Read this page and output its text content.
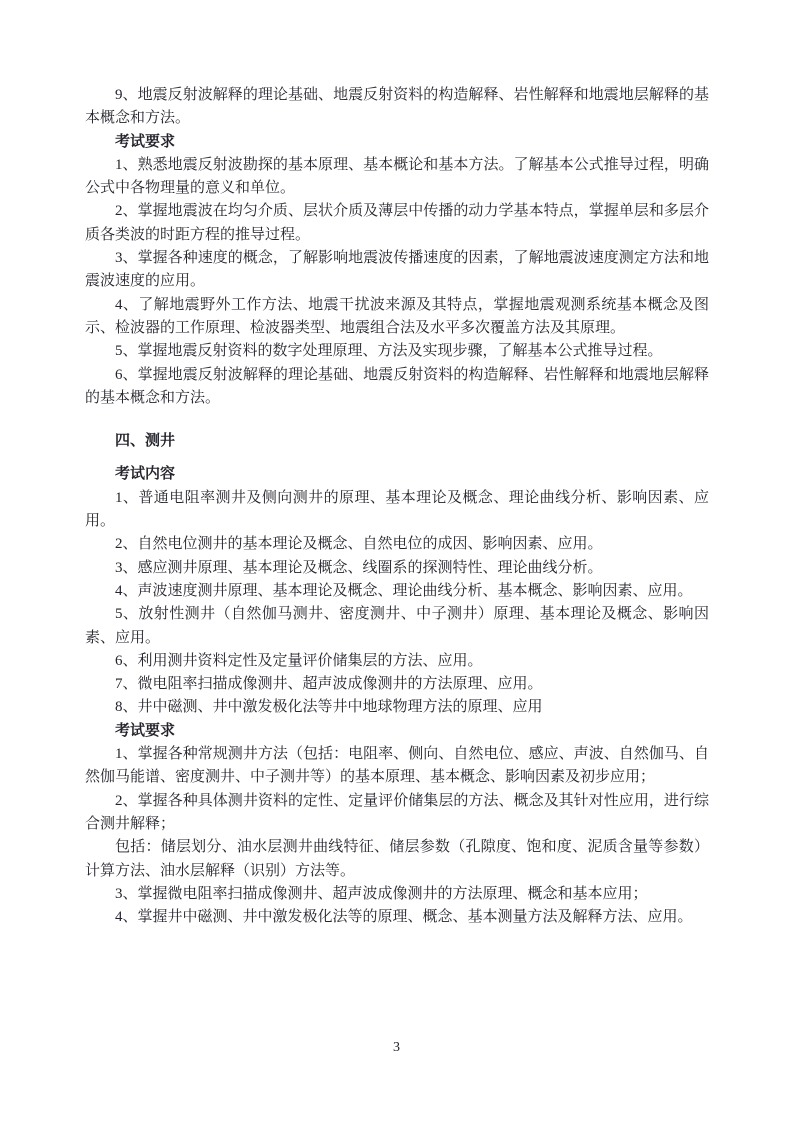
9、地震反射波解释的理论基础、地震反射资料的构造解释、岩性解释和地震地层解释的基本概念和方法。

考试要求

1、熟悉地震反射波勘探的基本原理、基本概论和基本方法。了解基本公式推导过程，明确公式中各物理量的意义和单位。

2、掌握地震波在均匀介质、层状介质及薄层中传播的动力学基本特点，掌握单层和多层介质各类波的时距方程的推导过程。

3、掌握各种速度的概念，了解影响地震波传播速度的因素，了解地震波速度测定方法和地震波速度的应用。

4、了解地震野外工作方法、地震干扰波来源及其特点，掌握地震观测系统基本概念及图示、检波器的工作原理、检波器类型、地震组合法及水平多次覆盖方法及其原理。

5、掌握地震反射资料的数字处理原理、方法及实现步骤，了解基本公式推导过程。

6、掌握地震反射波解释的理论基础、地震反射资料的构造解释、岩性解释和地震地层解释的基本概念和方法。

四、测井

考试内容

1、普通电阻率测井及侧向测井的原理、基本理论及概念、理论曲线分析、影响因素、应用。

2、自然电位测井的基本理论及概念、自然电位的成因、影响因素、应用。

3、感应测井原理、基本理论及概念、线圈系的探测特性、理论曲线分析。

4、声波速度测井原理、基本理论及概念、理论曲线分析、基本概念、影响因素、应用。

5、放射性测井（自然伽马测井、密度测井、中子测井）原理、基本理论及概念、影响因素、应用。

6、利用测井资料定性及定量评价储集层的方法、应用。

7、微电阻率扫描成像测井、超声波成像测井的方法原理、应用。

8、井中磁测、井中激发极化法等井中地球物理方法的原理、应用

考试要求

1、掌握各种常规测井方法（包括：电阻率、侧向、自然电位、感应、声波、自然伽马、自然伽马能谱、密度测井、中子测井等）的基本原理、基本概念、影响因素及初步应用；

2、掌握各种具体测井资料的定性、定量评价储集层的方法、概念及其针对性应用，进行综合测井解释；

包括：储层划分、油水层测井曲线特征、储层参数（孔隙度、饱和度、泥质含量等参数）计算方法、油水层解释（识别）方法等。

3、掌握微电阻率扫描成像测井、超声波成像测井的方法原理、概念和基本应用；

4、掌握井中磁测、井中激发极化法等的原理、概念、基本测量方法及解释方法、应用。

3
